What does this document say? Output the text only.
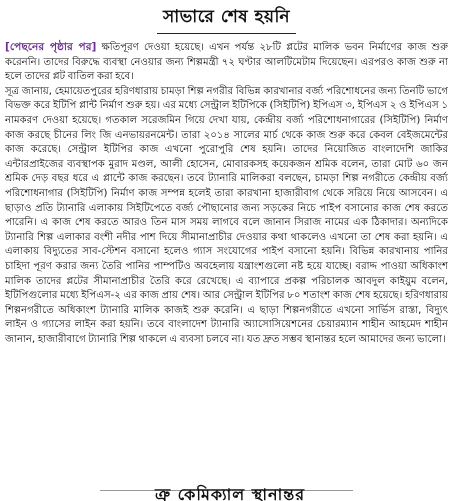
সাভারে শেষ হয়নি

[পেছনের পৃষ্ঠার পর] ক্ষতিপূরণ দেওয়া হয়েছে। এখন পর্যন্ত ২৮টি প্লটের মালিক ভবন নির্মাণের কাজ শুরু করেননি। তাদের বিরুদ্ধে ব্যবস্থা নেওয়ার জন্য শিল্পমন্ত্রী ৭২ ঘণ্টার আলটিমেটাম দিয়েছেন। এরপরও কাজ শুরু না হলে তাদের প্লট বাতিল করা হবে।

সূত্র জানায়, হেমায়েতপুরের হরিণধারায় চামড়া শিল্প নগরীর বিভিন্ন কারখানার বর্জ্য পরিশোধনের জন্য তিনটি ভাগে বিভক্ত করে ইটিপি প্লান্ট নির্মাণ শুরু হয়। এর মধ্যে সেন্ট্রাল ইটিপিকে (সিইটিপি) ইপিএস ৩, ইপিএস ২ ও ইপিএস ১ নামকরণ দেওয়া হয়েছে। গতকাল সরেজমিন গিয়ে দেখা যায়, কেন্দ্রীয় বর্জ্য পরিশোধনাগারের (সিইটিপি) নির্মাণ কাজ করছে চীনের লিং জি এনভায়রনমেন্ট। তারা ২০১৪ সালের মার্চ থেকে কাজ শুরু করে কেবল বেইজমেন্টের কাজ করেছে। সেন্ট্রাল ইটিপির কাজ এখনো পুরোপুরি শেষ হয়নি। তাদের নিয়োজিত বাংলাদেশি জাকির এন্টারপ্রাইজের ব্যবস্থাপক মুরাদ মণ্ডল, আলী হোসেন, মোবারকসহ কয়েকজন শ্রমিক বলেন, তারা মোট ৬০ জন শ্রমিক দেড় বছর ধরে এ প্লান্টে কাজ করছেন। তবে ট্যানারি মালিকরা বলছেন, চামড়া শিল্প নগরীতে কেন্দ্রীয় বর্জ্য পরিশোধনাগার (সিইটিপি) নির্মাণ কাজ সম্পন্ন হলেই তারা কারখানা হাজারীবাগ থেকে সরিয়ে নিয়ে আসবেন। এ ছাড়াও প্রতি ট্যানারি এলাকায় সিইটিপেতে বর্জ্য পৌছানোর জন্য সড়কের নিচে পাইপ বসানোর কাজ শেষ করতে পারেনি। এ কাজ শেষ করতে আরও তিন মাস সময় লাগবে বলে জানান সিরাজ নামের এক ঠিকাদার। অন্যদিকে ট্যানারি শিল্প এলাকার বংশী নদীর পাশ দিয়ে সীমানাপ্রাচীর দেওয়ার কথা থাকলেও এখনো তা শেষ করা হয়নি। এ এলাকায় বিদ্যুতের সাব-স্টেশন বসানো হলেও গ্যাস সংযোগের পাইপ বসানো হয়নি। বিভিন্ন কারখানায় পানির চাহিদা পূরণ করার জন্য তৈরি পানির পাম্পটিও অবহেলায় যন্ত্রাংশগুলো নষ্ট হয়ে যাচ্ছে। বরাদ্দ পাওয়া অধিকাংশ মালিক তাদের প্লটের সীমানাপ্রাচীর তৈরি করে রেখেছে। এ ব্যাপারে প্রকল্প পরিচালক আবদুল কাইয়ুম বলেন, ইটিপিগুলোর মধ্যে ইপিএস-২ এর কাজ প্রায় শেষ। আর সেন্ট্রাল ইটিপির ৮০ শতাংশ কাজ শেষ হয়েছে। হরিণধারায় শিল্পনগরীতে অধিকাংশ ট্যানারি মালিক কাজই শুরু করেনি। এ ছাড়া শিল্পনগরীতে এখনো সার্ভিস রাস্তা, বিদ্যুৎ লাইন ও গ্যাসের লাইন করা হয়নি। তবে বাংলাদেশ ট্যানারি অ্যাসোসিয়েশনের চেয়ারম্যান শাহীন আহমেদ শাহীন জানান, হাজারীবাগে ট্যানারি শিল্প থাকলে এ ব্যবসা চলবে না। যত দ্রুত সম্ভব স্থানান্তর হলে আমাদের জন্য ভালো।

ত্রু কেমিক্যাল স্থানান্তর
